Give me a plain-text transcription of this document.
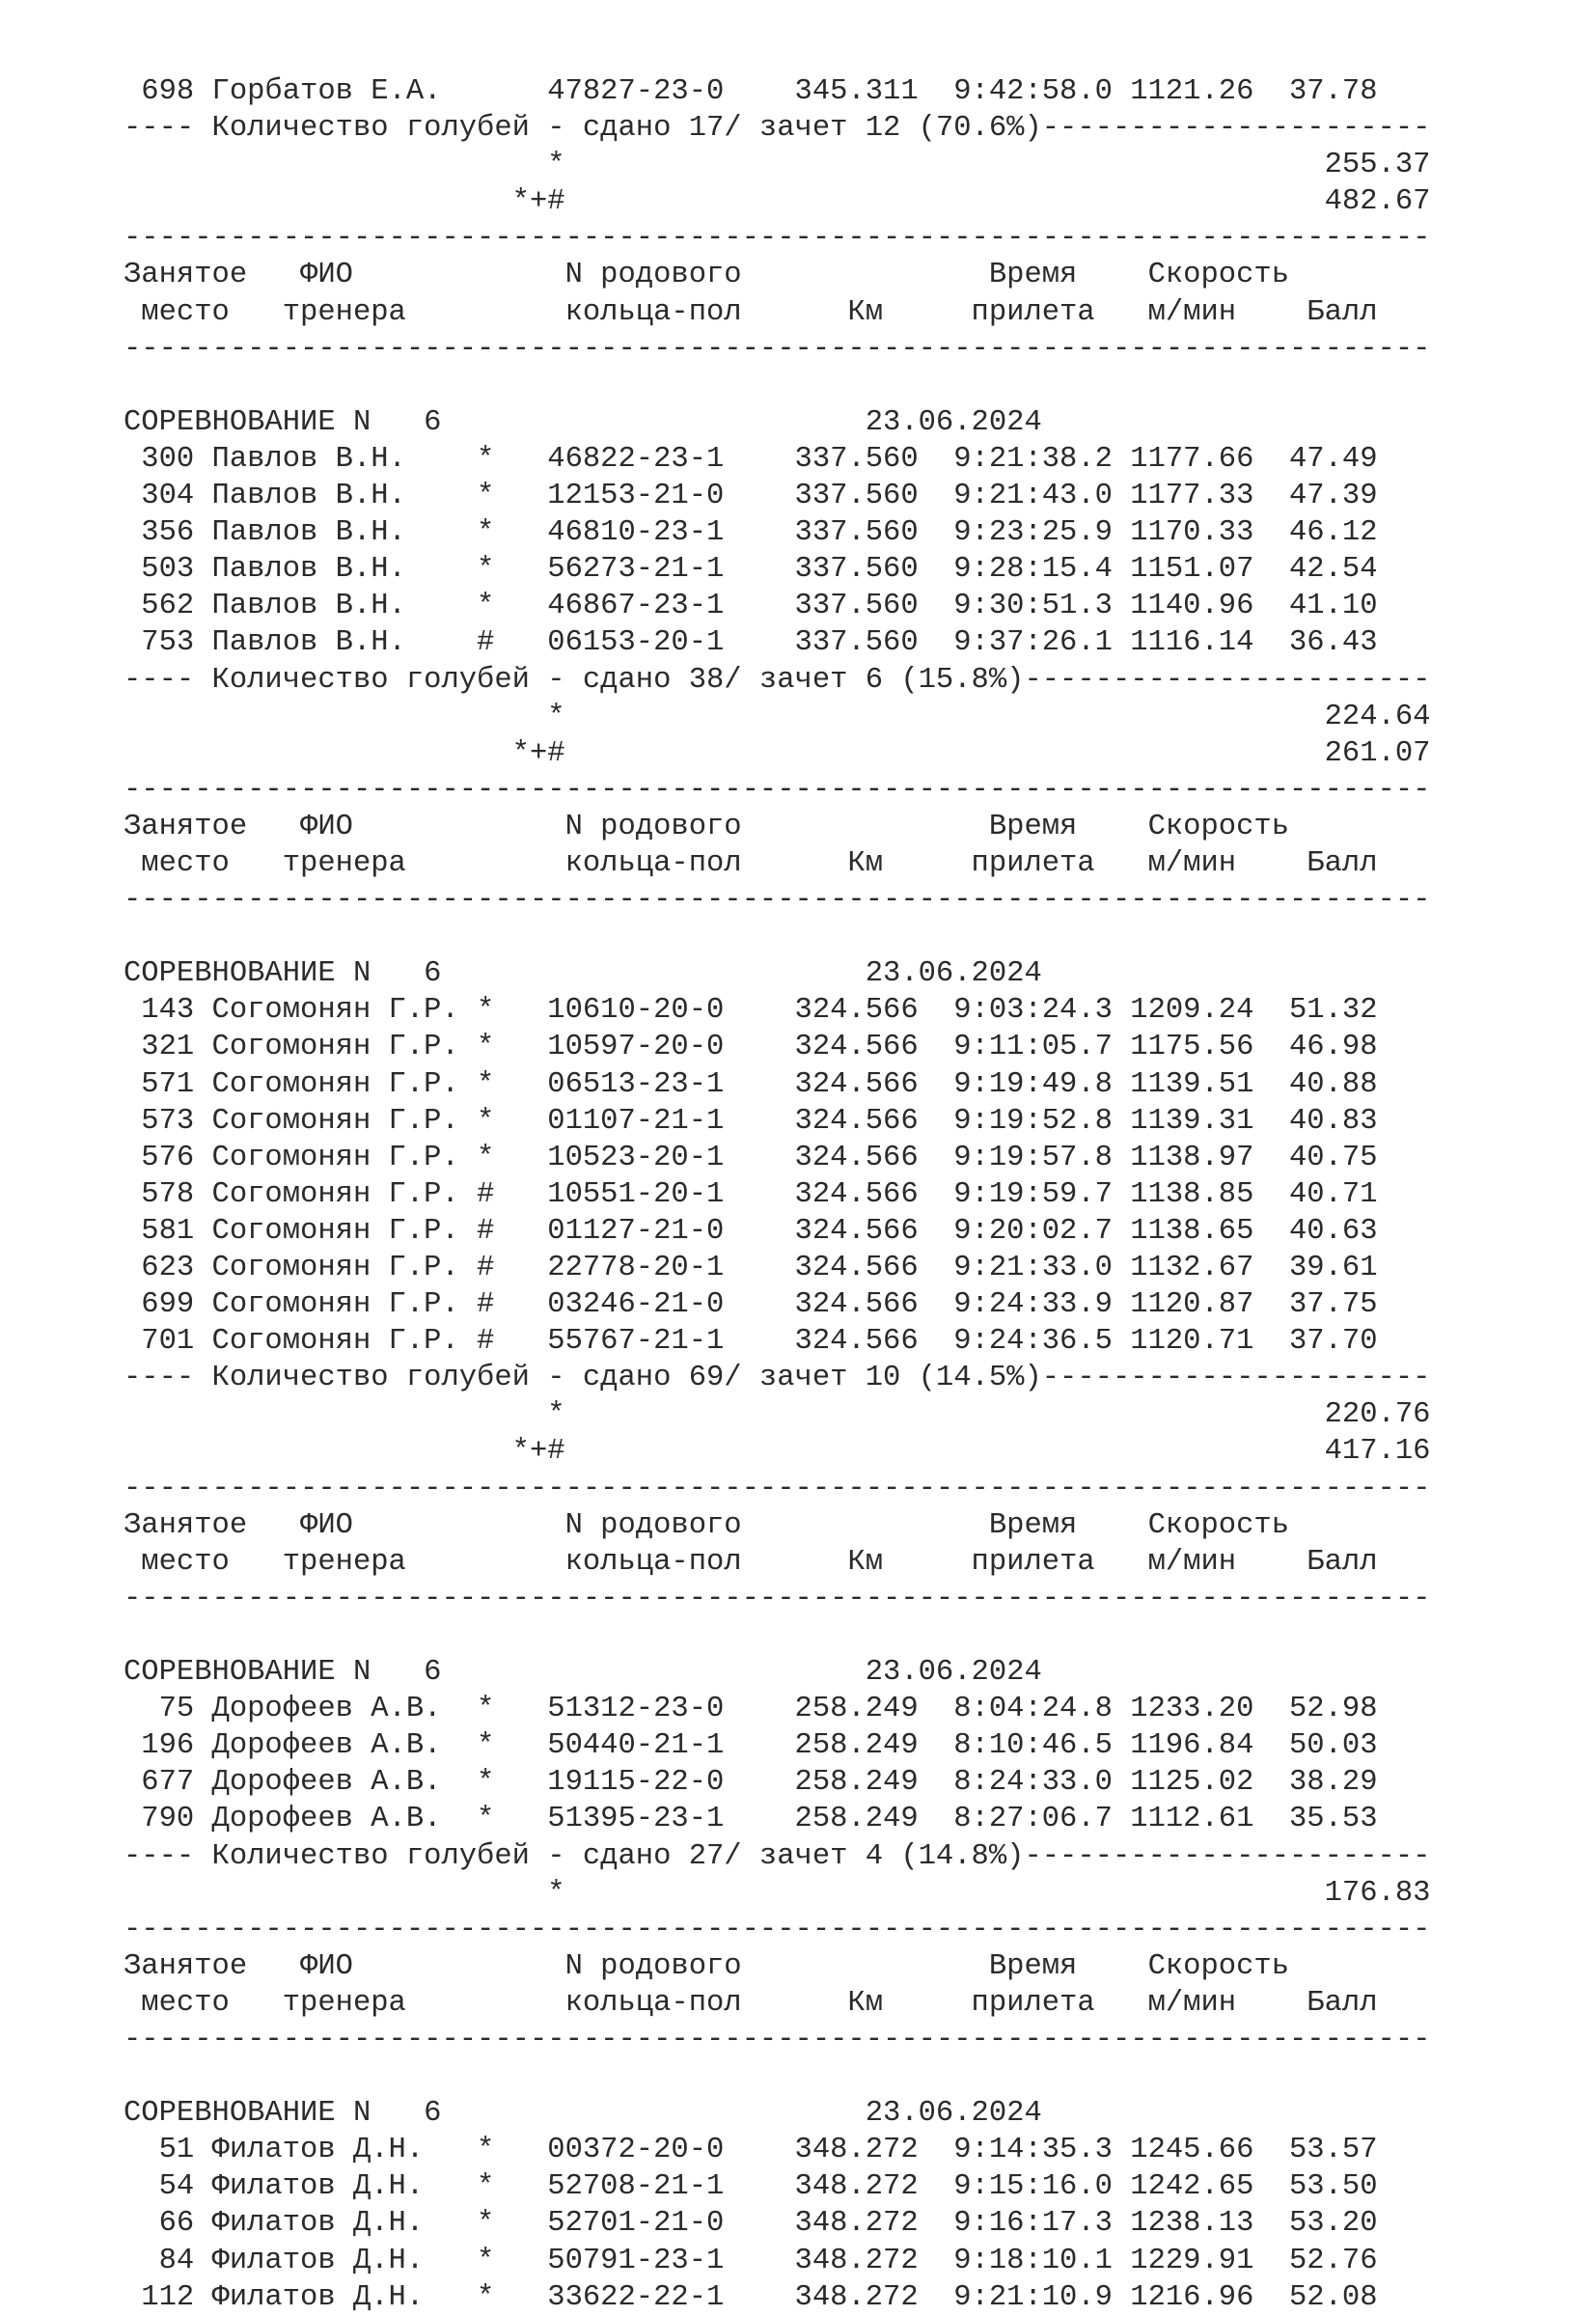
698 Горбатов Е.А.      47827-23-0    345.311  9:42:58.0 1121.26  37.78
---- Количество голубей - сдано 17/ зачет 12 (70.6%)----------------------
*                                           255.37
*+#                                           482.67
--------------------------------------------------------------------------
Занятое   ФИО            N родового              Время    Скорость
место   тренера         кольца-пол      Км     прилета   м/мин    Балл
--------------------------------------------------------------------------
СОРЕВНОВАНИЕ N   6                        23.06.2024
300 Павлов В.Н.    *   46822-23-1    337.560  9:21:38.2 1177.66  47.49
304 Павлов В.Н.    *   12153-21-0    337.560  9:21:43.0 1177.33  47.39
356 Павлов В.Н.    *   46810-23-1    337.560  9:23:25.9 1170.33  46.12
503 Павлов В.Н.    *   56273-21-1    337.560  9:28:15.4 1151.07  42.54
562 Павлов В.Н.    *   46867-23-1    337.560  9:30:51.3 1140.96  41.10
753 Павлов В.Н.    #   06153-20-1    337.560  9:37:26.1 1116.14  36.43
---- Количество голубей - сдано 38/ зачет 6 (15.8%)-----------------------
*                                           224.64
*+#                                           261.07
--------------------------------------------------------------------------
Занятое   ФИО            N родового              Время    Скорость
место   тренера         кольца-пол      Км     прилета   м/мин    Балл
--------------------------------------------------------------------------
СОРЕВНОВАНИЕ N   6                        23.06.2024
143 Согомонян Г.Р. *   10610-20-0    324.566  9:03:24.3 1209.24  51.32
321 Согомонян Г.Р. *   10597-20-0    324.566  9:11:05.7 1175.56  46.98
571 Согомонян Г.Р. *   06513-23-1    324.566  9:19:49.8 1139.51  40.88
573 Согомонян Г.Р. *   01107-21-1    324.566  9:19:52.8 1139.31  40.83
576 Согомонян Г.Р. *   10523-20-1    324.566  9:19:57.8 1138.97  40.75
578 Согомонян Г.Р. #   10551-20-1    324.566  9:19:59.7 1138.85  40.71
581 Согомонян Г.Р. #   01127-21-0    324.566  9:20:02.7 1138.65  40.63
623 Согомонян Г.Р. #   22778-20-1    324.566  9:21:33.0 1132.67  39.61
699 Согомонян Г.Р. #   03246-21-0    324.566  9:24:33.9 1120.87  37.75
701 Согомонян Г.Р. #   55767-21-1    324.566  9:24:36.5 1120.71  37.70
---- Количество голубей - сдано 69/ зачет 10 (14.5%)----------------------
*                                           220.76
*+#                                           417.16
--------------------------------------------------------------------------
Занятое   ФИО            N родового              Время    Скорость
место   тренера         кольца-пол      Км     прилета   м/мин    Балл
--------------------------------------------------------------------------
СОРЕВНОВАНИЕ N   6                        23.06.2024
75 Дорофеев А.В.  *   51312-23-0    258.249  8:04:24.8 1233.20  52.98
196 Дорофеев А.В.  *   50440-21-1    258.249  8:10:46.5 1196.84  50.03
677 Дорофеев А.В.  *   19115-22-0    258.249  8:24:33.0 1125.02  38.29
790 Дорофеев А.В.  *   51395-23-1    258.249  8:27:06.7 1112.61  35.53
---- Количество голубей - сдано 27/ зачет 4 (14.8%)-----------------------
*                                           176.83
--------------------------------------------------------------------------
Занятое   ФИО            N родового              Время    Скорость
место   тренера         кольца-пол      Км     прилета   м/мин    Балл
--------------------------------------------------------------------------
СОРЕВНОВАНИЕ N   6                        23.06.2024
51 Филатов Д.Н.   *   00372-20-0    348.272  9:14:35.3 1245.66  53.57
54 Филатов Д.Н.   *   52708-21-1    348.272  9:15:16.0 1242.65  53.50
66 Филатов Д.Н.   *   52701-21-0    348.272  9:16:17.3 1238.13  53.20
84 Филатов Д.Н.   *   50791-23-1    348.272  9:18:10.1 1229.91  52.76
112 Филатов Д.Н.   *   33622-22-1    348.272  9:21:10.9 1216.96  52.08
